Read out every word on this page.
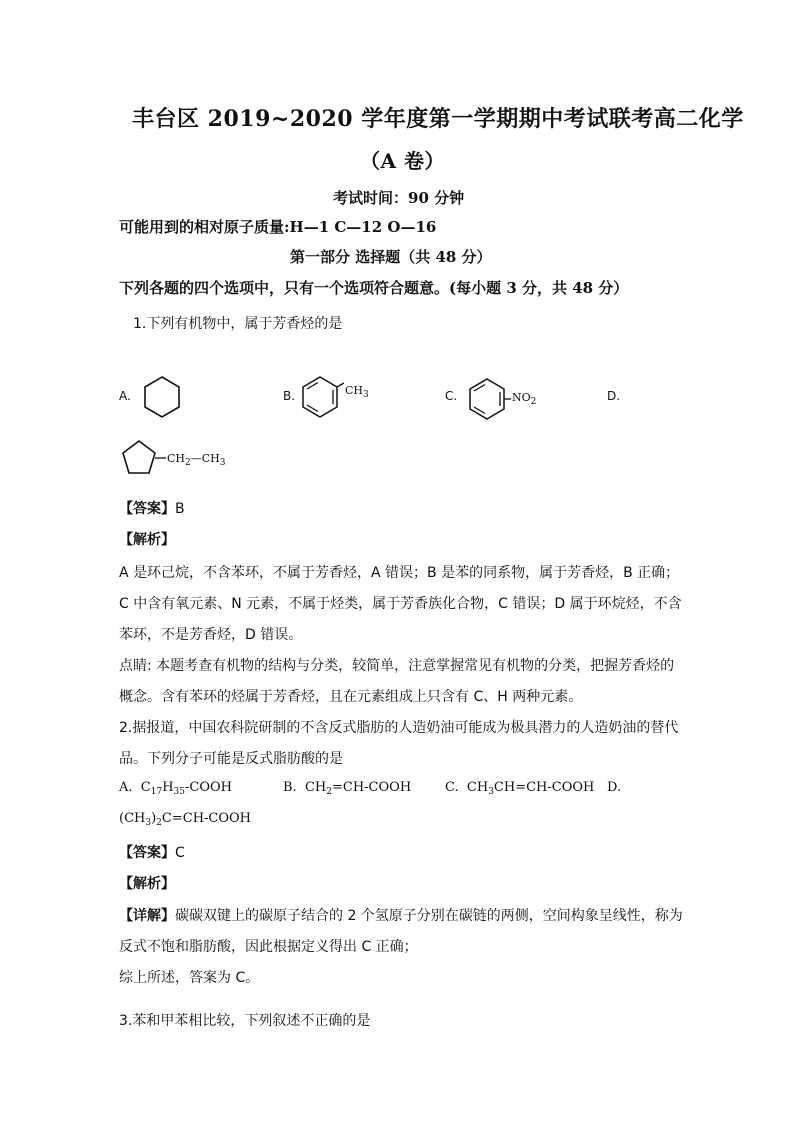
丰台区 2019~2020 学年度第一学期期中考试联考高二化学
（A 卷）
考试时间：90 分钟
可能用到的相对原子质量:H—1 C—12 O—16
第一部分 选择题（共 48 分）
下列各题的四个选项中，只有一个选项符合题意。(每小题 3 分，共 48 分）
1.下列有机物中，属于芳香烃的是
A.	B.	$CH_3$	C.	$NO_2$	D.
$CH_2—CH_3$
【答案】B
【解析】
A 是环己烷，不含苯环，不属于芳香烃，A 错误；B 是苯的同系物，属于芳香烃，B 正确；
C 中含有氧元素、N 元素，不属于烃类，属于芳香族化合物，C 错误；D 属于环烷烃，不含
苯环，不是芳香烃，D 错误。
点睛: 本题考查有机物的结构与分类，较简单，注意掌握常见有机物的分类，把握芳香烃的
概念。含有苯环的烃属于芳香烃，且在元素组成上只含有 C、H 两种元素。
2.据报道，中国农科院研制的不含反式脂肪的人造奶油可能成为极具潜力的人造奶油的替代
品。下列分子可能是反式脂肪酸的是
A. $C_{17}H_{35}$-COOH	B. $CH_2=CH$-COOH	C. $CH_3CH=CH$-COOH D.
$(CH_3)_2C=CH$-COOH
【答案】C
【解析】
【详解】碳碳双键上的碳原子结合的 2 个氢原子分别在碳链的两侧，空间构象呈线性，称为
反式不饱和脂肪酸，因此根据定义得出 C 正确；
综上所述，答案为 C。
3.苯和甲苯相比较，下列叙述不正确的是
